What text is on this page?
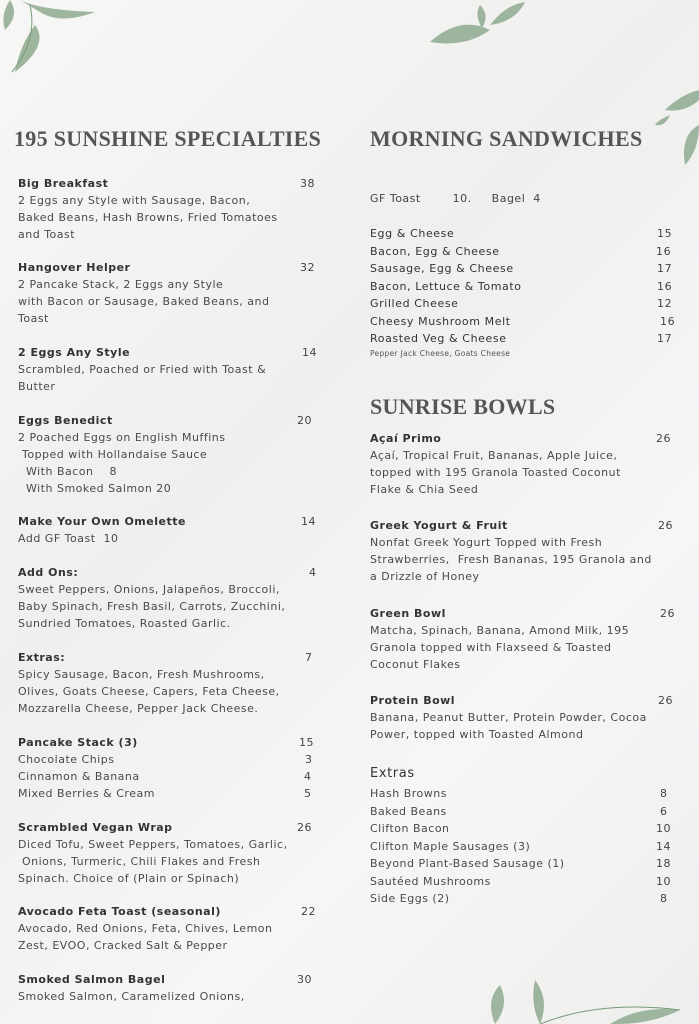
195 SUNSHINE SPECIALTIES MORNING SANDWICHES
SUNRISE BOWLS
Big Breakfast	38
2 Eggs any Style with Sausage, Bacon,
Baked Beans, Hash Browns, Fried Tomatoes
and Toast
Hangover Helper	32
2 Pancake Stack, 2 Eggs any Style
with Bacon or Sausage, Baked Beans, and
Toast
2 Eggs Any Style	14
Scrambled, Poached or Fried with Toast &
Butter
Eggs Benedict	20
2 Poached Eggs on English Muffins
Topped with Hollandaise Sauce
With Bacon    8
With Smoked Salmon 20
Make Your Own Omelette	14
Add GF Toast  10
Add Ons:	4
Sweet Peppers, Onions, Jalapeños, Broccoli,
Baby Spinach, Fresh Basil, Carrots, Zucchini,
Sundried Tomatoes, Roasted Garlic.
Extras:	7
Spicy Sausage, Bacon, Fresh Mushrooms,
Olives, Goats Cheese, Capers, Feta Cheese,
Mozzarella Cheese, Pepper Jack Cheese.
Pancake Stack (3)	15
Chocolate Chips	3
Cinnamon & Banana	4
Mixed Berries & Cream	5
Scrambled Vegan Wrap	26
Diced Tofu, Sweet Peppers, Tomatoes, Garlic,
Onions, Turmeric, Chili Flakes and Fresh
Spinach. Choice of (Plain or Spinach)
Avocado Feta Toast (seasonal)	22
Avocado, Red Onions, Feta, Chives, Lemon
Zest, EVOO, Cracked Salt & Pepper
Smoked Salmon Bagel	30
Smoked Salmon, Caramelized Onions,
GF Toast        10.     Bagel  4
Egg & Cheese	15
Bacon, Egg & Cheese	16
Sausage, Egg & Cheese	17
Bacon, Lettuce & Tomato	16
Grilled Cheese	12
Cheesy Mushroom Melt	16
Roasted Veg & Cheese	17
Pepper Jack Cheese, Goats Cheese
Açaí Primo	26
Açaí, Tropical Fruit, Bananas, Apple Juice,
topped with 195 Granola Toasted Coconut
Flake & Chia Seed
Greek Yogurt & Fruit	26
Nonfat Greek Yogurt Topped with Fresh
Strawberries,  Fresh Bananas, 195 Granola and
a Drizzle of Honey
Green Bowl	26
Matcha, Spinach, Banana, Amond Milk, 195
Granola topped with Flaxseed & Toasted
Coconut Flakes
Protein Bowl	26
Banana, Peanut Butter, Protein Powder, Cocoa
Power, topped with Toasted Almond
Extras
Hash Browns	8
Baked Beans	6
Clifton Bacon	10
Clifton Maple Sausages (3)	14
Beyond Plant-Based Sausage (1)	18
Sautéed Mushrooms	10
Side Eggs (2)	8
